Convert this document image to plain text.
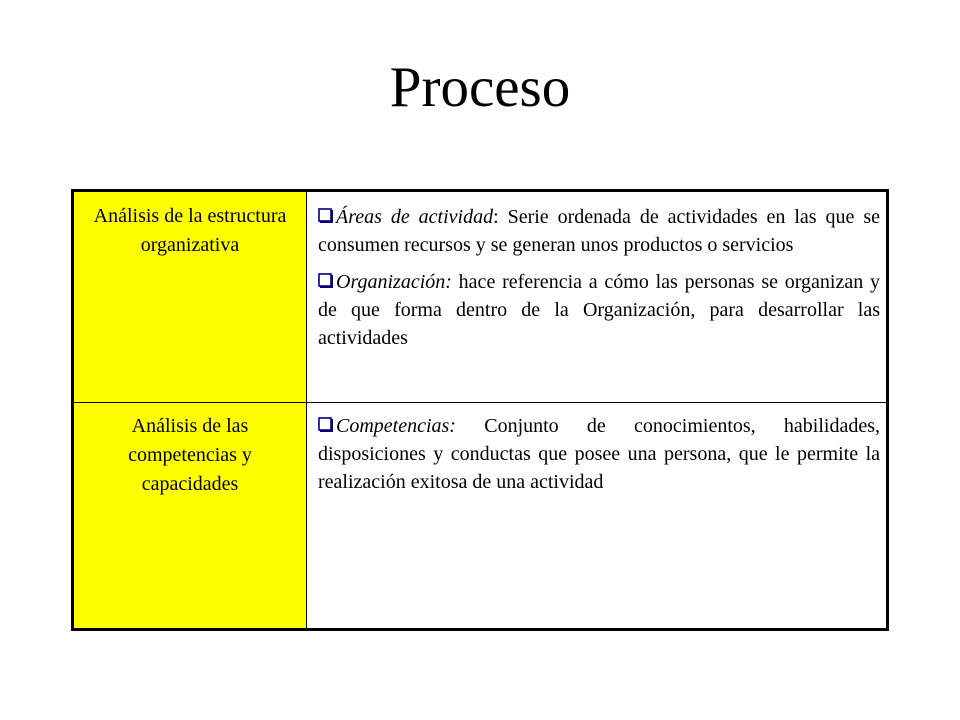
Proceso
Análisis de la estructura organizativa
Áreas de actividad: Serie ordenada de actividades en las que se consumen recursos y se generan unos productos o servicios
Organización: hace referencia a cómo las personas se organizan y de que forma dentro de la Organización, para desarrollar las actividades
Análisis de las competencias y capacidades
Competencias: Conjunto de conocimientos, habilidades, disposiciones y conductas que posee una persona, que le permite la realización exitosa de una actividad
